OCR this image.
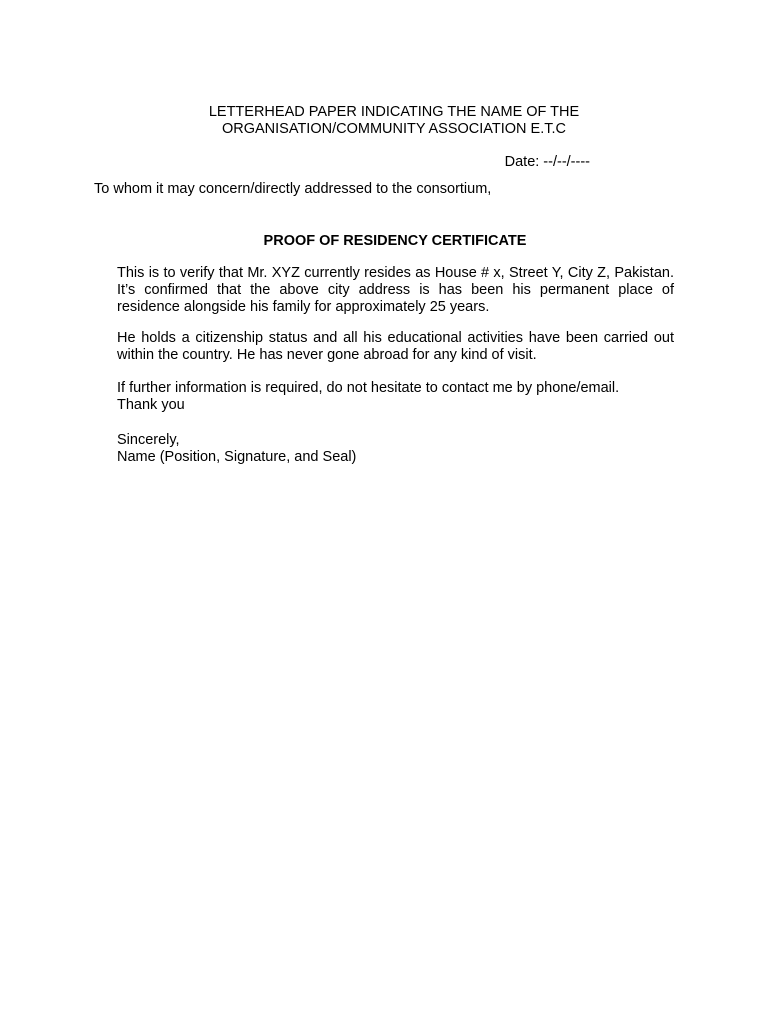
LETTERHEAD PAPER INDICATING THE NAME OF THE
ORGANISATION/COMMUNITY ASSOCIATION E.T.C
Date: --/--/----
To whom it may concern/directly addressed to the consortium,
PROOF OF RESIDENCY CERTIFICATE
This is to verify that Mr. XYZ currently resides as House # x, Street Y, City Z, Pakistan. It’s confirmed that the above city address is has been his permanent place of residence alongside his family for approximately 25 years.
He holds a citizenship status and all his educational activities have been carried out within the country. He has never gone abroad for any kind of visit.
If further information is required, do not hesitate to contact me by phone/email.
Thank you
Sincerely,
Name (Position, Signature, and Seal)
